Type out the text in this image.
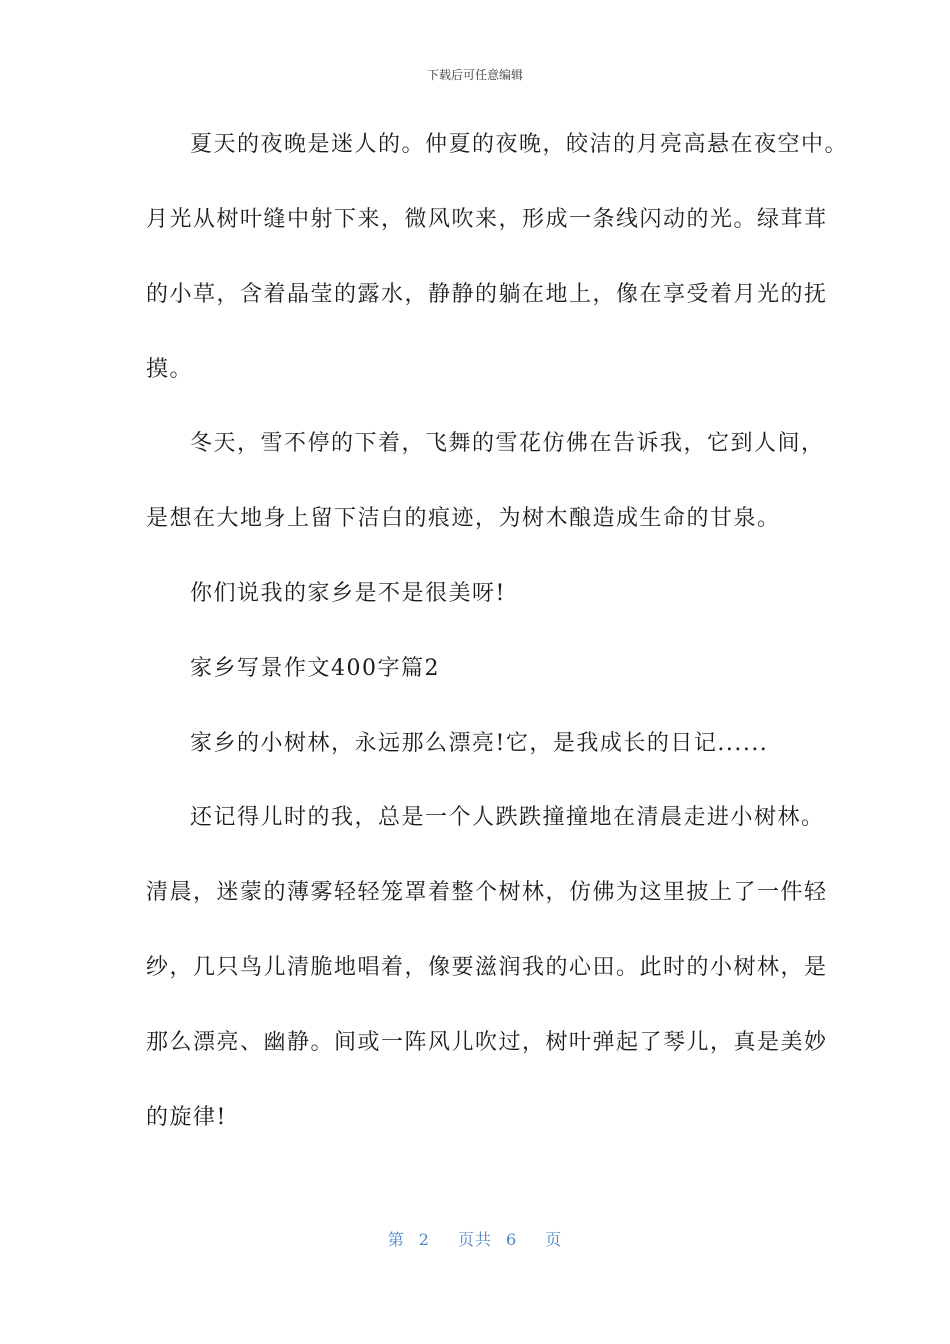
下载后可任意编辑
夏天的夜晚是迷人的。仲夏的夜晚，皎洁的月亮高悬在夜空中。
月光从树叶缝中射下来，微风吹来，形成一条线闪动的光。绿茸茸
的小草，含着晶莹的露水，静静的躺在地上，像在享受着月光的抚
摸。
冬天，雪不停的下着，飞舞的雪花仿佛在告诉我，它到人间，
是想在大地身上留下洁白的痕迹，为树木酿造成生命的甘泉。
你们说我的家乡是不是很美呀!
家乡写景作文400字篇2
家乡的小树林，永远那么漂亮!它，是我成长的日记......
还记得儿时的我，总是一个人跌跌撞撞地在清晨走进小树林。
清晨，迷蒙的薄雾轻轻笼罩着整个树林，仿佛为这里披上了一件轻
纱，几只鸟儿清脆地唱着，像要滋润我的心田。此时的小树林，是
那么漂亮、幽静。间或一阵风儿吹过，树叶弹起了琴儿，真是美妙
的旋律!
第 2 页共 6 页
